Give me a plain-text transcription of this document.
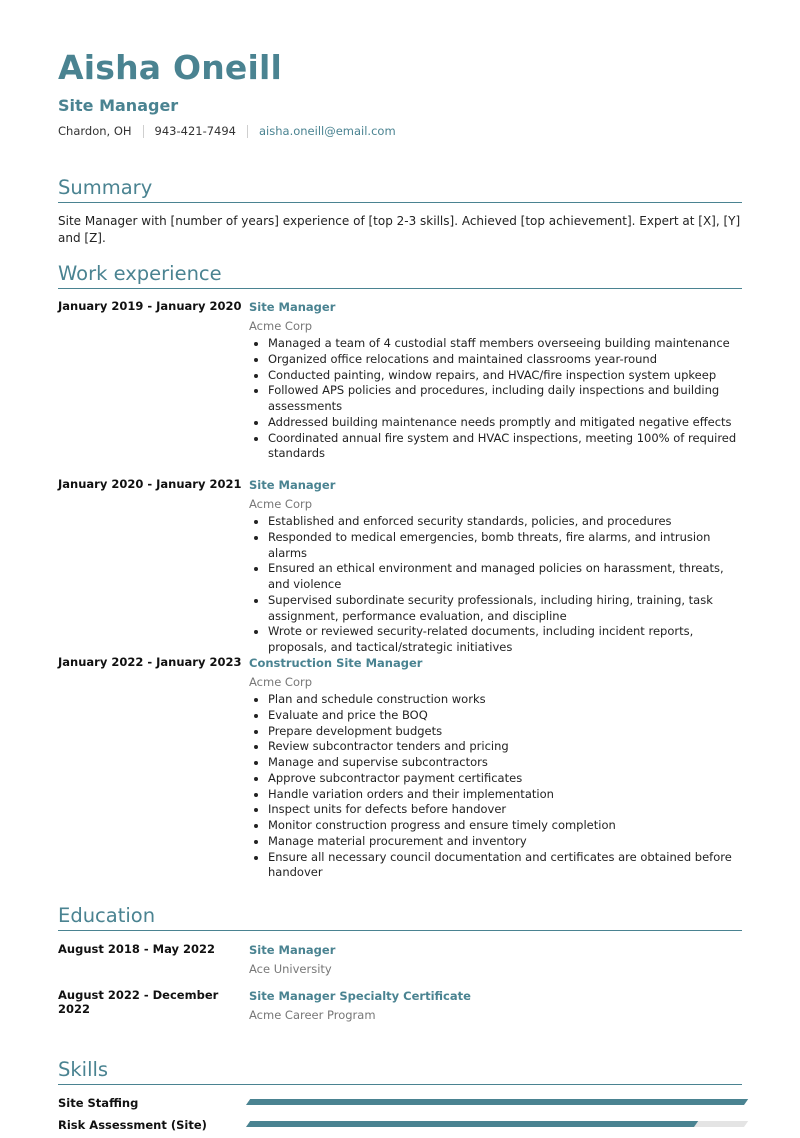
Aisha Oneill
Site Manager
Chardon, OH 943-421-7494 aisha.oneill@email.com
Summary
Site Manager with [number of years] experience of [top 2-3 skills]. Achieved [top achievement]. Expert at [X], [Y] and [Z].
Work experience
January 2019 - January 2020 Site Manager
Acme Corp
• Managed a team of 4 custodial staff members overseeing building maintenance
• Organized office relocations and maintained classrooms year-round
• Conducted painting, window repairs, and HVAC/fire inspection system upkeep
• Followed APS policies and procedures, including daily inspections and building assessments
• Addressed building maintenance needs promptly and mitigated negative effects
• Coordinated annual fire system and HVAC inspections, meeting 100% of required standards
January 2020 - January 2021 Site Manager
Acme Corp
• Established and enforced security standards, policies, and procedures
• Responded to medical emergencies, bomb threats, fire alarms, and intrusion alarms
• Ensured an ethical environment and managed policies on harassment, threats, and violence
• Supervised subordinate security professionals, including hiring, training, task assignment, performance evaluation, and discipline
• Wrote or reviewed security-related documents, including incident reports, proposals, and tactical/strategic initiatives
January 2022 - January 2023 Construction Site Manager
Acme Corp
• Plan and schedule construction works
• Evaluate and price the BOQ
• Prepare development budgets
• Review subcontractor tenders and pricing
• Manage and supervise subcontractors
• Approve subcontractor payment certificates
• Handle variation orders and their implementation
• Inspect units for defects before handover
• Monitor construction progress and ensure timely completion
• Manage material procurement and inventory
• Ensure all necessary council documentation and certificates are obtained before handover
Education
August 2018 - May 2022	Site Manager
Ace University
August 2022 - December 2022
Site Manager Specialty Certificate
Acme Career Program
Skills
Site Staffing
Risk Assessment (Site)
